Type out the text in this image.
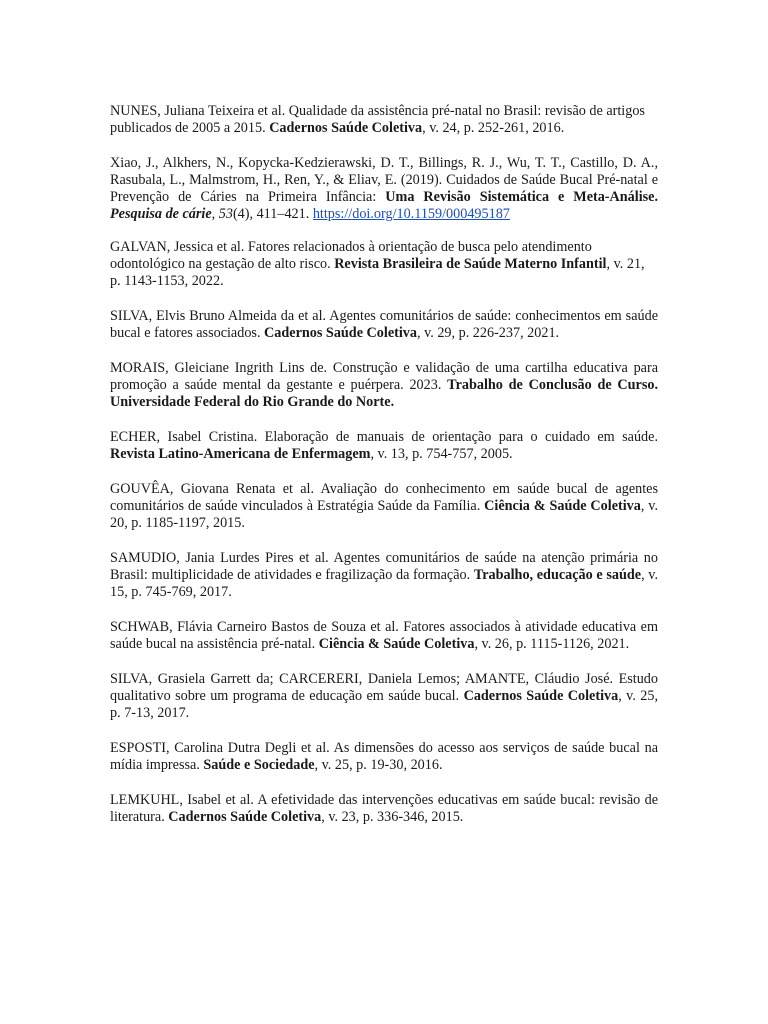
NUNES, Juliana Teixeira et al. Qualidade da assistência pré-natal no Brasil: revisão de artigos
publicados de 2005 a 2015. Cadernos Saúde Coletiva, v. 24, p. 252-261, 2016.

Xiao, J., Alkhers, N., Kopycka-Kedzierawski, D. T., Billings, R. J., Wu, T. T., Castillo, D. A., Rasubala, L., Malmstrom, H., Ren, Y., & Eliav, E. (2019). Cuidados de Saúde Bucal Pré-natal e Prevenção de Cáries na Primeira Infância: Uma Revisão Sistemática e Meta-Análise. Pesquisa de cárie, 53(4), 411–421. https://doi.org/10.1159/000495187

GALVAN, Jessica et al. Fatores relacionados à orientação de busca pelo atendimento odontológico na gestação de alto risco. Revista Brasileira de Saúde Materno Infantil, v. 21, p. 1143-1153, 2022.

SILVA, Elvis Bruno Almeida da et al. Agentes comunitários de saúde: conhecimentos em saúde bucal e fatores associados. Cadernos Saúde Coletiva, v. 29, p. 226-237, 2021.

MORAIS, Gleiciane Ingrith Lins de. Construção e validação de uma cartilha educativa para promoção a saúde mental da gestante e puérpera. 2023. Trabalho de Conclusão de Curso. Universidade Federal do Rio Grande do Norte.

ECHER, Isabel Cristina. Elaboração de manuais de orientação para o cuidado em saúde. Revista Latino-Americana de Enfermagem, v. 13, p. 754-757, 2005.

GOUVÊA, Giovana Renata et al. Avaliação do conhecimento em saúde bucal de agentes comunitários de saúde vinculados à Estratégia Saúde da Família. Ciência & Saúde Coletiva, v. 20, p. 1185-1197, 2015.

SAMUDIO, Jania Lurdes Pires et al. Agentes comunitários de saúde na atenção primária no Brasil: multiplicidade de atividades e fragilização da formação. Trabalho, educação e saúde, v. 15, p. 745-769, 2017.

SCHWAB, Flávia Carneiro Bastos de Souza et al. Fatores associados à atividade educativa em saúde bucal na assistência pré-natal. Ciência & Saúde Coletiva, v. 26, p. 1115-1126, 2021.

SILVA, Grasiela Garrett da; CARCERERI, Daniela Lemos; AMANTE, Cláudio José. Estudo qualitativo sobre um programa de educação em saúde bucal. Cadernos Saúde Coletiva, v. 25, p. 7-13, 2017.

ESPOSTI, Carolina Dutra Degli et al. As dimensões do acesso aos serviços de saúde bucal na mídia impressa. Saúde e Sociedade, v. 25, p. 19-30, 2016.

LEMKUHL, Isabel et al. A efetividade das intervenções educativas em saúde bucal: revisão de literatura. Cadernos Saúde Coletiva, v. 23, p. 336-346, 2015.
